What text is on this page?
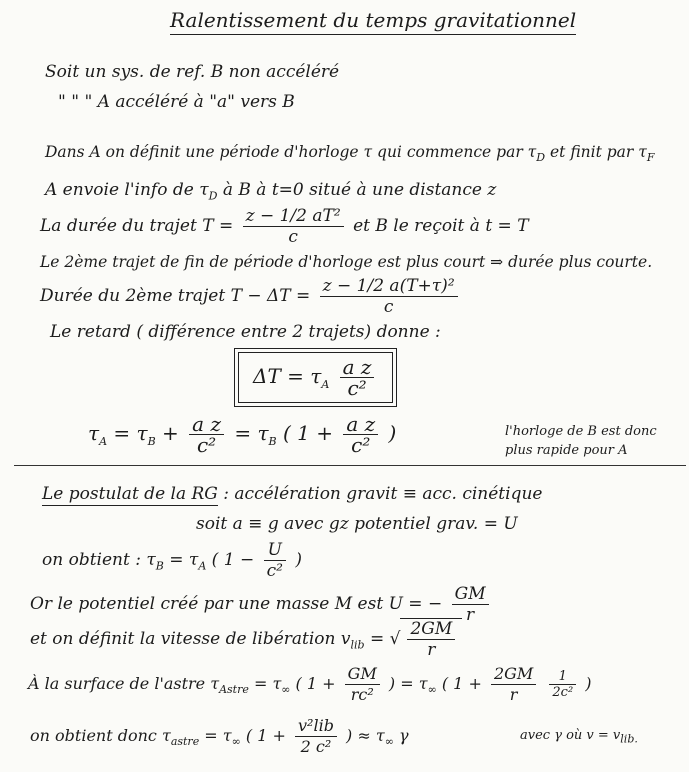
Ralentissement du temps gravitationnel
Soit un sys. de ref. B non accéléré
" " " A accéléré à "a" vers B
Dans A on définit une période d'horloge τ qui commence par $\tau_D$ et finit par $\tau_F$
A envoie l'info de $\tau_D$ à B à t=0 situé à une distance z
La durée du trajet $T = \frac{\text{z − 1/2 aT²}}{c}$ et B le reçoit à t = T
Le 2ème trajet de fin de période d'horloge est plus court ⇒ durée plus courte.
Durée du 2ème trajet $T - \Delta T = \frac{\text{z − 1/2 a(T+τ)²}}{c}$
Le retard ( différence entre 2 trajets) donne :
$\Delta T = \tau_A \frac{\text{a z}}{\text{c²}}$
$\tau_A = \tau_B + \frac{\text{a z}}{\text{c²}} = \tau_B$ ( $1 + \frac{\text{a z}}{\text{c²}}$ )	l'horloge de B est donc
plus rapide pour A
Le postulat de la RG : accélération gravit ≡ acc. cinétique
soit a ≡ g avec gz potentiel grav. = U
on obtient : $\tau_B = \tau_A$ ( $1 - \frac{U}{\text{c²}}$ )
Or le potentiel créé par une masse M est U = − $\frac{GM}{r}$
et on définit la vitesse de libération $v_{lib}$ = √ $\frac{2GM}{r}$
À la surface de l'astre $\tau_{Astre} = \tau_\infty$ ( $1 + \frac{GM}{\text{rc²}}$ ) = $\tau_\infty$ ( $1 + \frac{2GM}{r}$
$\frac{1}{\text{2c²}}$ )
on obtient donc $\tau_{astre} = \tau_\infty$ ( $1 + \frac{\text{v²lib}}{\text{2 c²}}$ ) ≈ $\tau_\infty$ γ	avec γ où $v = v_{lib.}$
